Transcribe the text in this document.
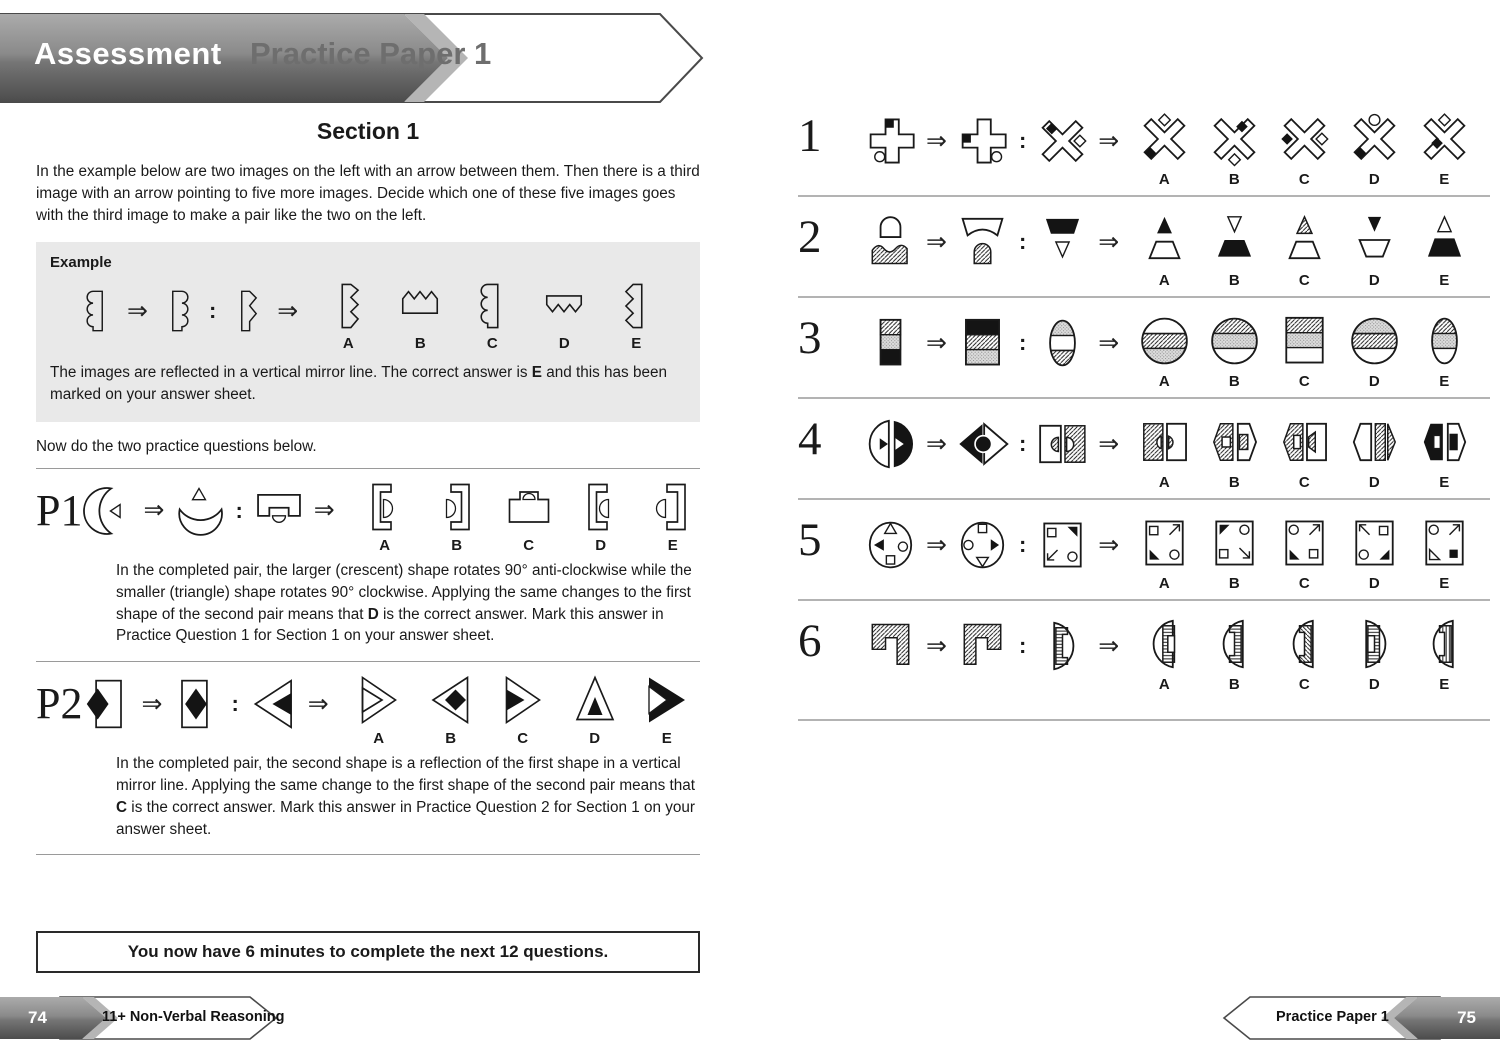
Assessment Practice Paper 1
Section 1

In the example below are two images on the left with an arrow between them. Then there is a third image with an arrow pointing to five more images. Decide which one of these five images goes with the third image to make a pair like the two on the left.

Example
⇒	: ⇒
A	B	C	D	E

The images are reflected in a vertical mirror line. The correct answer is E and this has been marked on your answer sheet.

Now do the two practice questions below.

P1 ⇒	:	⇒
A	B	C	D	E

In the completed pair, the larger (crescent) shape rotates 90° anti-clockwise while the smaller (triangle) shape rotates 90° clockwise. Applying the same changes to the first shape of the second pair means that D is the correct answer. Mark this answer in Practice Question 1 for Section 1 on your answer sheet.

P2 ⇒	:	⇒
A	B	C	D	E

In the completed pair, the second shape is a reflection of the first shape in a vertical mirror line. Applying the same change to the first shape of the second pair means that C is the correct answer. Mark this answer in Practice Question 2 for Section 1 on your answer sheet.

You now have 6 minutes to complete the next 12 questions.
74	11+ Non-Verbal Reasoning
1	⇒	:	⇒
A	B	C	D	E
2	⇒	:	⇒
A	B	C	D	E
3	⇒	:	⇒
A	B	C	D	E
4	⇒	:	⇒
A	B	C	D	E
5	⇒	:	⇒
A	B	C	D	E
6	⇒	:	⇒
A	B	C	D	E
Practice Paper 1	75
